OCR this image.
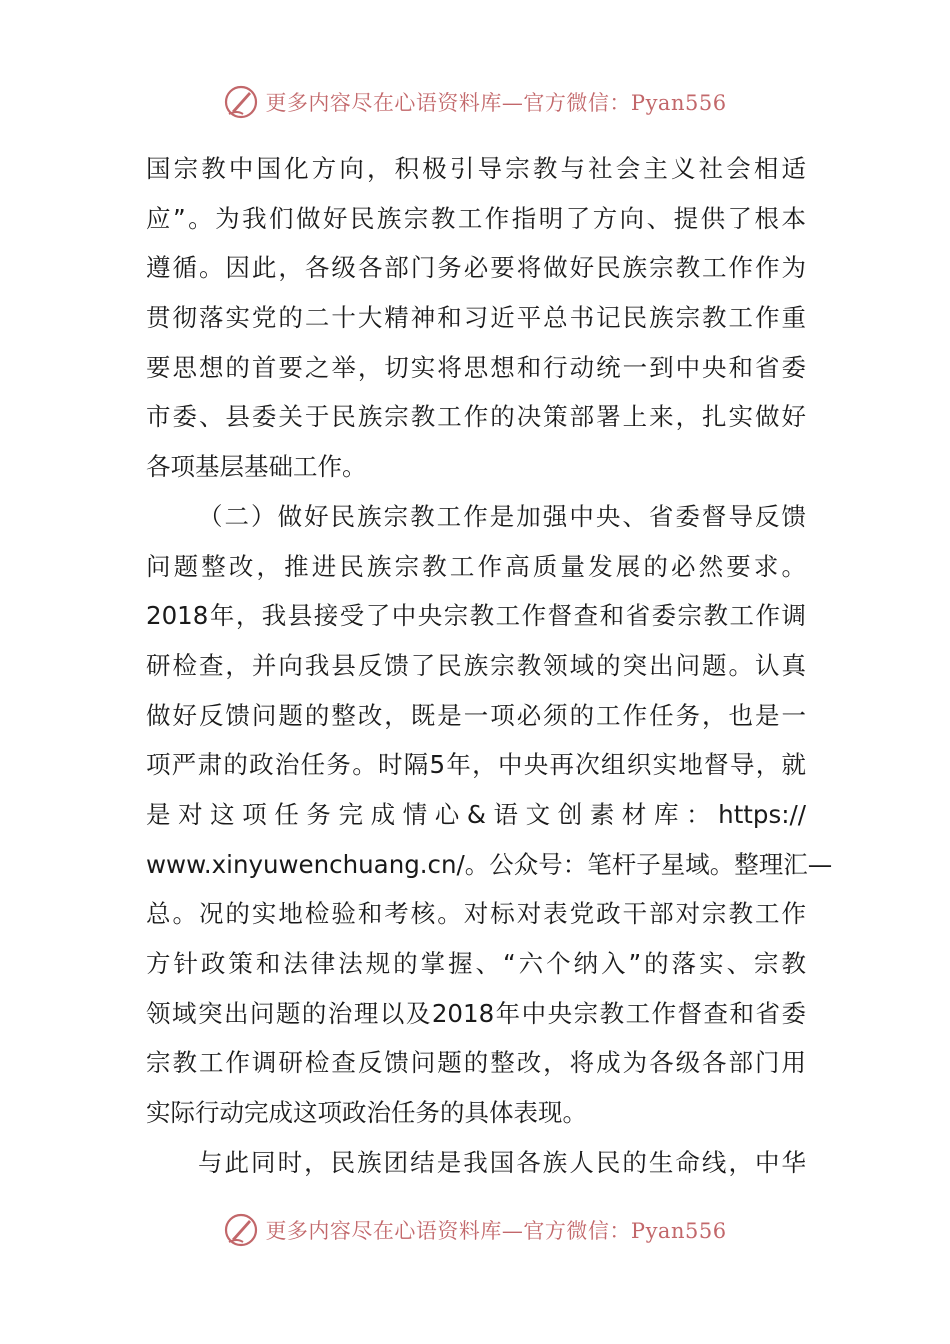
更多内容尽在心语资料库—官方微信：Pyan556
国宗教中国化方向，积极引导宗教与社会主义社会相适
应”。为我们做好民族宗教工作指明了方向、提供了根本
遵循。因此，各级各部门务必要将做好民族宗教工作作为
贯彻落实党的二十大精神和习近平总书记民族宗教工作重
要思想的首要之举，切实将思想和行动统一到中央和省委
市委、县委关于民族宗教工作的决策部署上来，扎实做好
各项基层基础工作。
（二）做好民族宗教工作是加强中央、省委督导反馈
问题整改，推进民族宗教工作高质量发展的必然要求。
2018年，我县接受了中央宗教工作督查和省委宗教工作调
研检查，并向我县反馈了民族宗教领域的突出问题。认真
做好反馈问题的整改，既是一项必须的工作任务，也是一
项严肃的政治任务。时隔5年，中央再次组织实地督导，就
是对这项任务完成情心&语文创素材库：https://
www.xinyuwenchuang.cn/。公众号：笔杆子星域。整理汇—
总。况的实地检验和考核。对标对表党政干部对宗教工作
方针政策和法律法规的掌握、“六个纳入”的落实、宗教
领域突出问题的治理以及2018年中央宗教工作督查和省委
宗教工作调研检查反馈问题的整改，将成为各级各部门用
实际行动完成这项政治任务的具体表现。
与此同时，民族团结是我国各族人民的生命线，中华
更多内容尽在心语资料库—官方微信：Pyan556
